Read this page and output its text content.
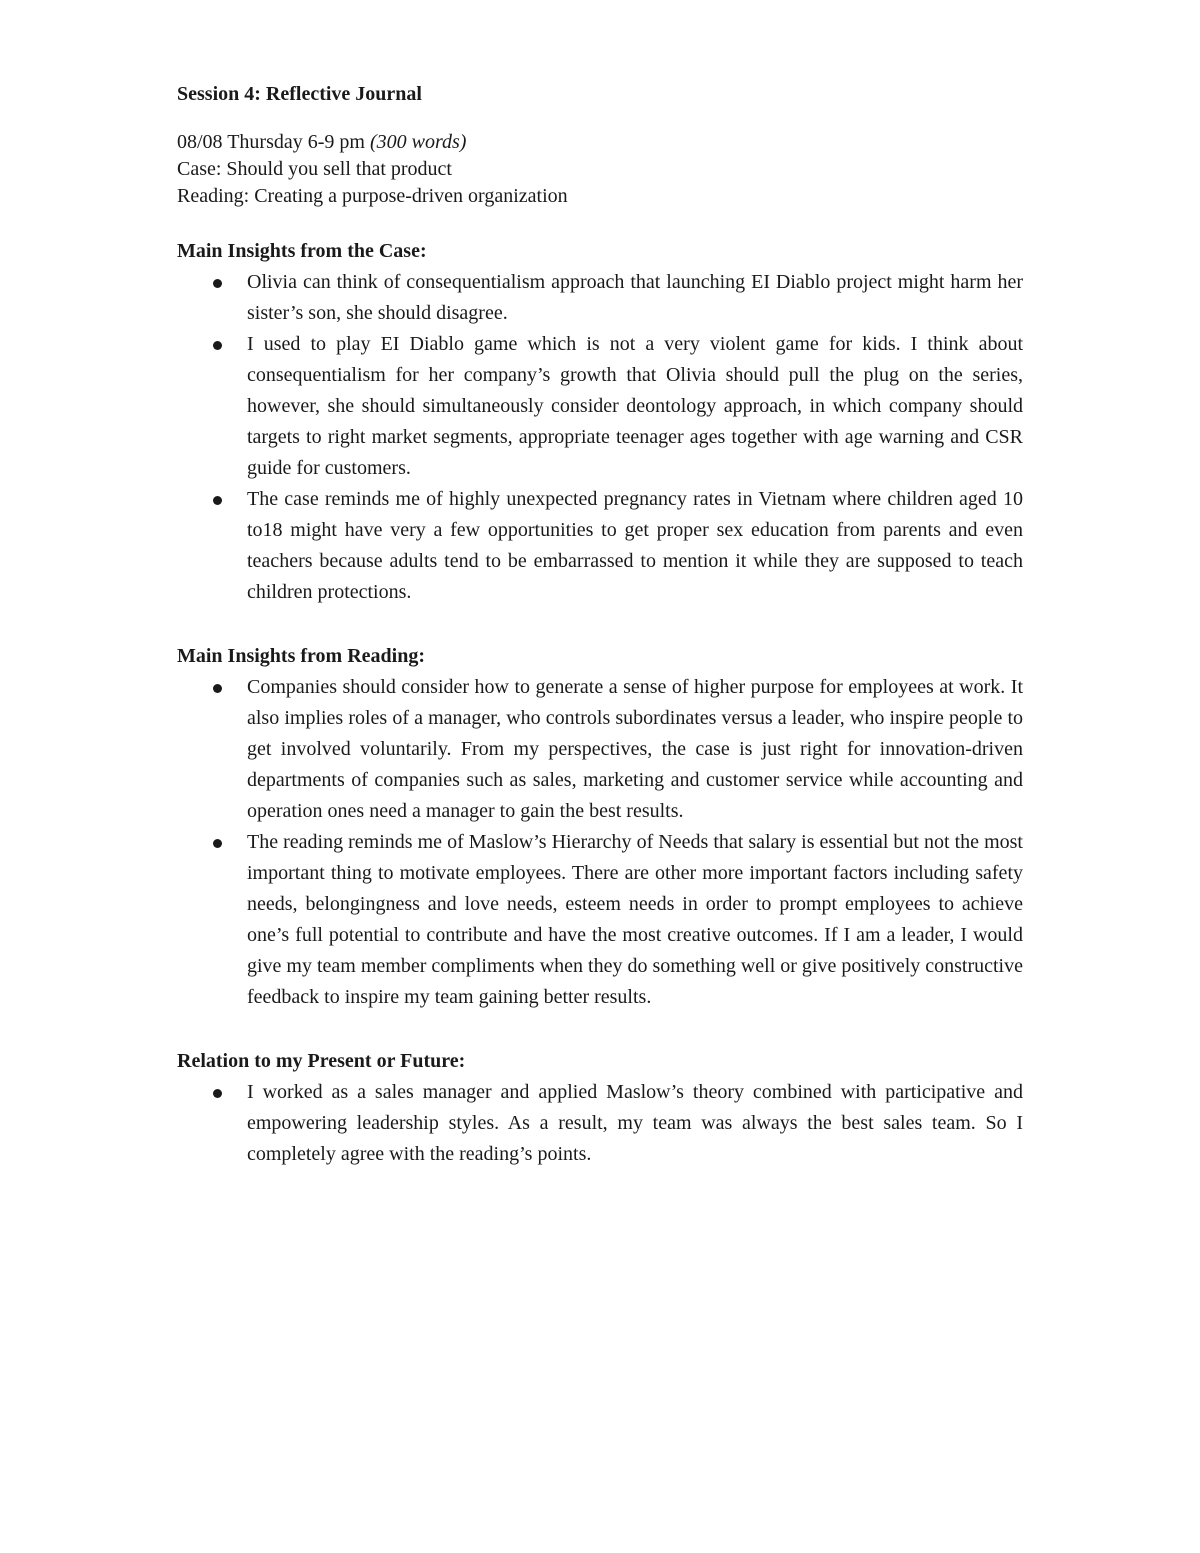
Session 4: Reflective Journal

08/08 Thursday 6-9 pm (300 words)

Case: Should you sell that product

Reading: Creating a purpose-driven organization

Main Insights from the Case:

Olivia can think of consequentialism approach that launching EI Diablo project might harm her sister’s son, she should disagree.
I used to play EI Diablo game which is not a very violent game for kids. I think about consequentialism for her company’s growth that Olivia should pull the plug on the series, however, she should simultaneously consider deontology approach, in which company should targets to right market segments, appropriate teenager ages together with age warning and CSR guide for customers.
The case reminds me of highly unexpected pregnancy rates in Vietnam where children aged 10 to18 might have very a few opportunities to get proper sex education from parents and even teachers because adults tend to be embarrassed to mention it while they are supposed to teach children protections.

Main Insights from Reading:

Companies should consider how to generate a sense of higher purpose for employees at work. It also implies roles of a manager, who controls subordinates versus a leader, who inspire people to get involved voluntarily. From my perspectives, the case is just right for innovation-driven departments of companies such as sales, marketing and customer service while accounting and operation ones need a manager to gain the best results.
The reading reminds me of Maslow’s Hierarchy of Needs that salary is essential but not the most important thing to motivate employees. There are other more important factors including safety needs, belongingness and love needs, esteem needs in order to prompt employees to achieve one’s full potential to contribute and have the most creative outcomes. If I am a leader, I would give my team member compliments when they do something well or give positively constructive feedback to inspire my team gaining better results.

Relation to my Present or Future:

I worked as a sales manager and applied Maslow’s theory combined with participative and empowering leadership styles. As a result, my team was always the best sales team. So I completely agree with the reading’s points.
